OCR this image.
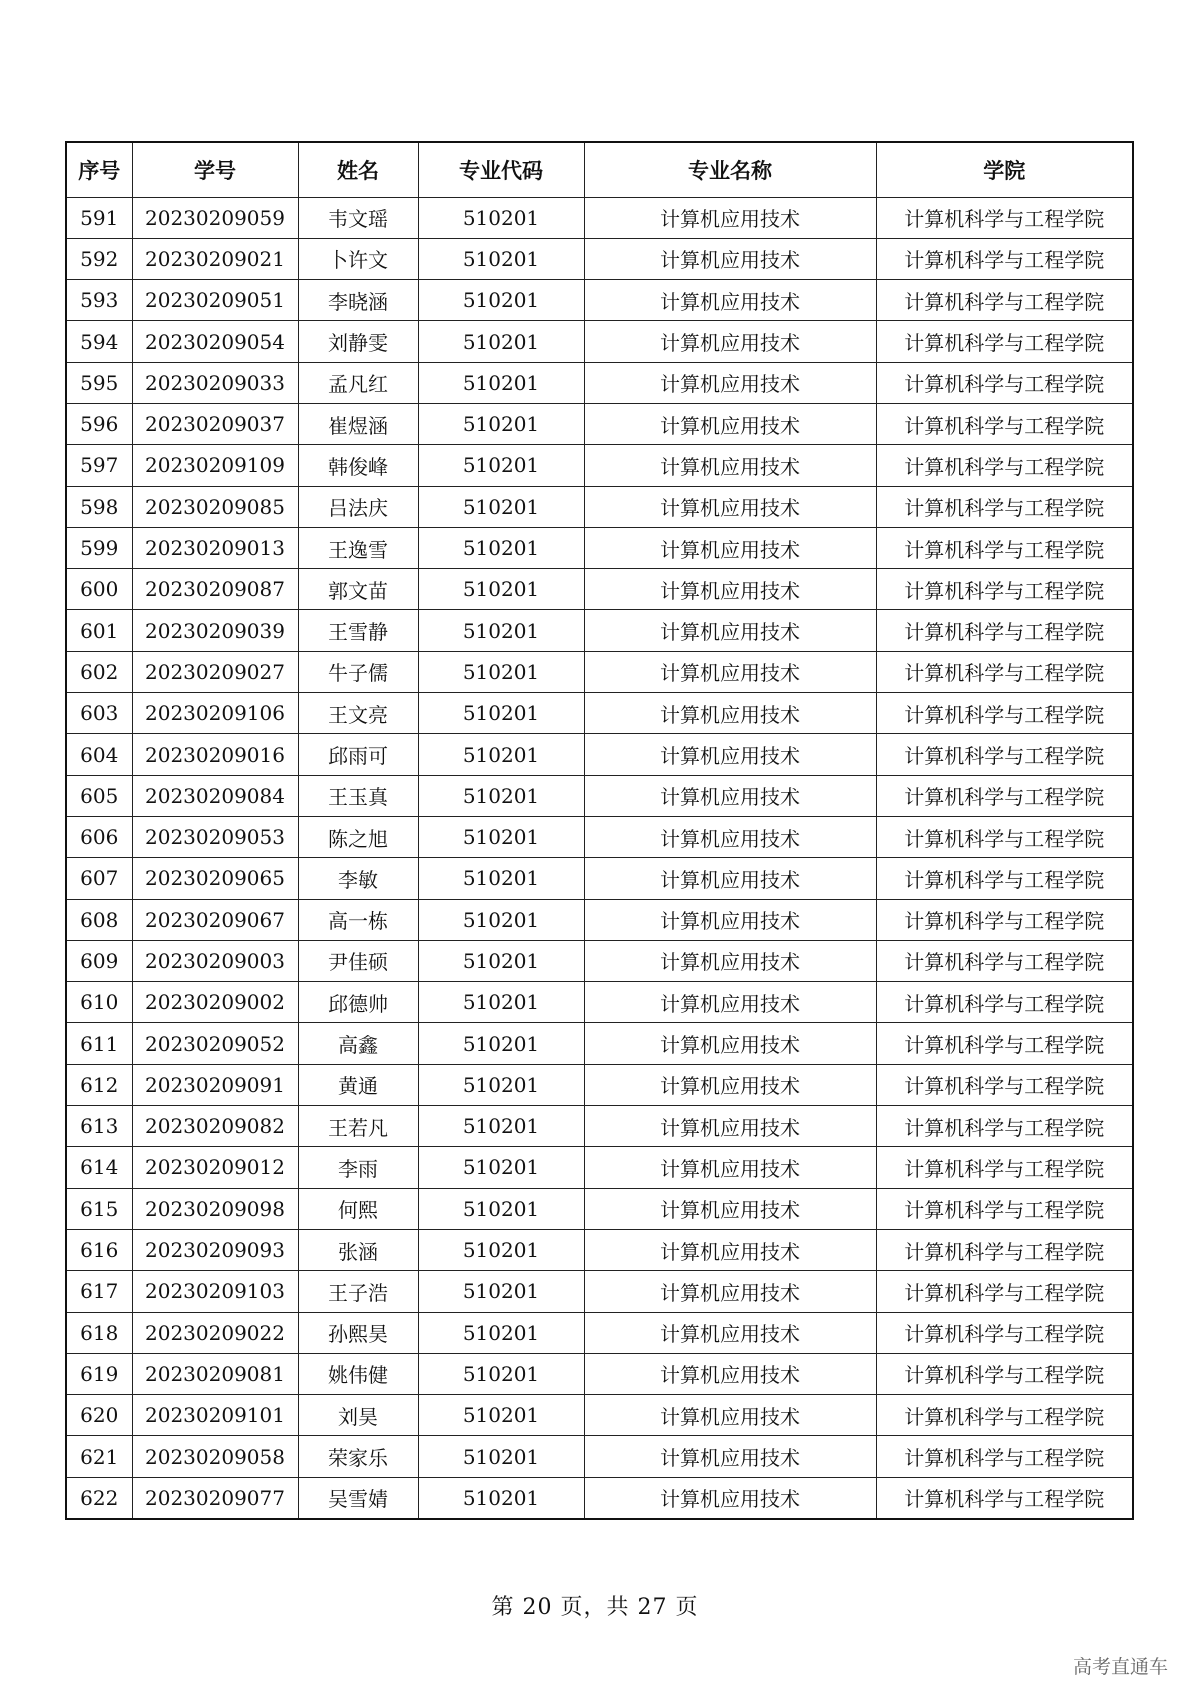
序号	学号	姓名	专业代码	专业名称	学院
591	20230209059	韦文瑶	510201	计算机应用技术	计算机科学与工程学院
592	20230209021	卜许文	510201	计算机应用技术	计算机科学与工程学院
593	20230209051	李晓涵	510201	计算机应用技术	计算机科学与工程学院
594	20230209054	刘静雯	510201	计算机应用技术	计算机科学与工程学院
595	20230209033	孟凡红	510201	计算机应用技术	计算机科学与工程学院
596	20230209037	崔煜涵	510201	计算机应用技术	计算机科学与工程学院
597	20230209109	韩俊峰	510201	计算机应用技术	计算机科学与工程学院
598	20230209085	吕法庆	510201	计算机应用技术	计算机科学与工程学院
599	20230209013	王逸雪	510201	计算机应用技术	计算机科学与工程学院
600	20230209087	郭文苗	510201	计算机应用技术	计算机科学与工程学院
601	20230209039	王雪静	510201	计算机应用技术	计算机科学与工程学院
602	20230209027	牛子儒	510201	计算机应用技术	计算机科学与工程学院
603	20230209106	王文亮	510201	计算机应用技术	计算机科学与工程学院
604	20230209016	邱雨可	510201	计算机应用技术	计算机科学与工程学院
605	20230209084	王玉真	510201	计算机应用技术	计算机科学与工程学院
606	20230209053	陈之旭	510201	计算机应用技术	计算机科学与工程学院
607	20230209065	李敏	510201	计算机应用技术	计算机科学与工程学院
608	20230209067	高一栋	510201	计算机应用技术	计算机科学与工程学院
609	20230209003	尹佳硕	510201	计算机应用技术	计算机科学与工程学院
610	20230209002	邱德帅	510201	计算机应用技术	计算机科学与工程学院
611	20230209052	高鑫	510201	计算机应用技术	计算机科学与工程学院
612	20230209091	黄通	510201	计算机应用技术	计算机科学与工程学院
613	20230209082	王若凡	510201	计算机应用技术	计算机科学与工程学院
614	20230209012	李雨	510201	计算机应用技术	计算机科学与工程学院
615	20230209098	何熙	510201	计算机应用技术	计算机科学与工程学院
616	20230209093	张涵	510201	计算机应用技术	计算机科学与工程学院
617	20230209103	王子浩	510201	计算机应用技术	计算机科学与工程学院
618	20230209022	孙熙昊	510201	计算机应用技术	计算机科学与工程学院
619	20230209081	姚伟健	510201	计算机应用技术	计算机科学与工程学院
620	20230209101	刘昊	510201	计算机应用技术	计算机科学与工程学院
621	20230209058	荣家乐	510201	计算机应用技术	计算机科学与工程学院
622	20230209077	吴雪婧	510201	计算机应用技术	计算机科学与工程学院
第 20 页，共 27 页
高考直通车
